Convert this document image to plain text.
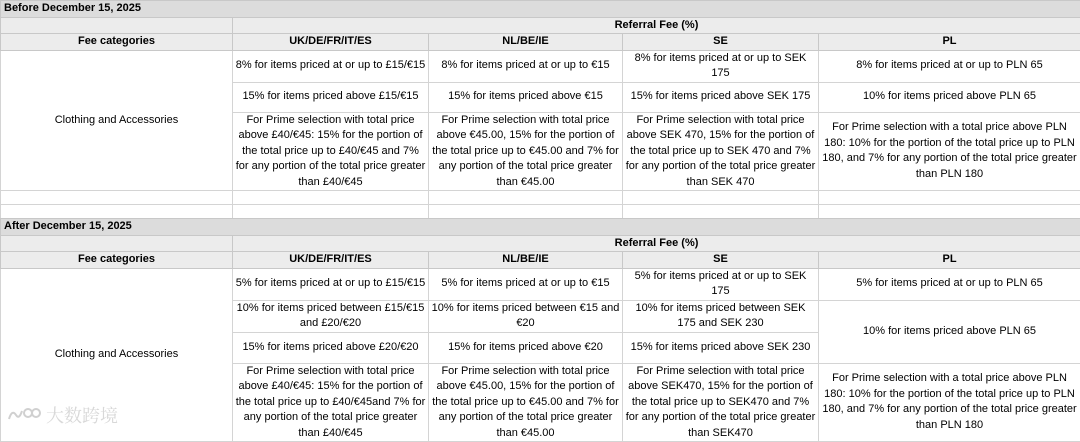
Before December 15, 2025				
	Referral Fee (%)			
Fee categories	UK/DE/FR/IT/ES	NL/BE/IE	SE	PL
Clothing and Accessories	8% for items priced at or up to £15/€15	8% for items priced at or up to €15	8% for items priced at or up to SEK 175	8% for items priced at or up to PLN 65
	15% for items priced above £15/€15	15% for items priced above €15	15% for items priced above SEK 175	10% for items priced above PLN 65
	For Prime selection with total price above £40/€45: 15% for the portion of the total price up to £40/€45 and 7% for any portion of the total price greater than £40/€45	For Prime selection with total price above €45.00, 15% for the portion of the total price up to €45.00 and 7% for any portion of the total price greater than €45.00	For Prime selection with total price above SEK 470, 15% for the portion of the total price up to SEK 470 and 7% for any portion of the total price greater than SEK 470	For Prime selection with a total price above PLN 180: 10% for the portion of the total price up to PLN 180, and 7% for any portion of the total price greater than PLN 180

After December 15, 2025				
	Referral Fee (%)			
Fee categories	UK/DE/FR/IT/ES	NL/BE/IE	SE	PL
Clothing and Accessories	5% for items priced at or up to £15/€15	5% for items priced at or up to €15	5% for items priced at or up to SEK 175	5% for items priced at or up to PLN 65
	10% for items priced between £15/€15 and £20/€20	10% for items priced between €15 and €20	10% for items priced between SEK 175 and SEK 230	10% for items priced above PLN 65
	15% for items priced above £20/€20	15% for items priced above €20	15% for items priced above SEK 230	
	For Prime selection with total price above £40/€45: 15% for the portion of the total price up to £40/€45and 7% for any portion of the total price greater than £40/€45	For Prime selection with total price above €45.00, 15% for the portion of the total price up to €45.00 and 7% for any portion of the total price greater than €45.00	For Prime selection with total price above SEK470, 15% for the portion of the total price up to SEK470 and 7% for any portion of the total price greater than SEK470	For Prime selection with a total price above PLN 180: 10% for the portion of the total price up to PLN 180, and 7% for any portion of the total price greater than PLN 180
大数跨境
